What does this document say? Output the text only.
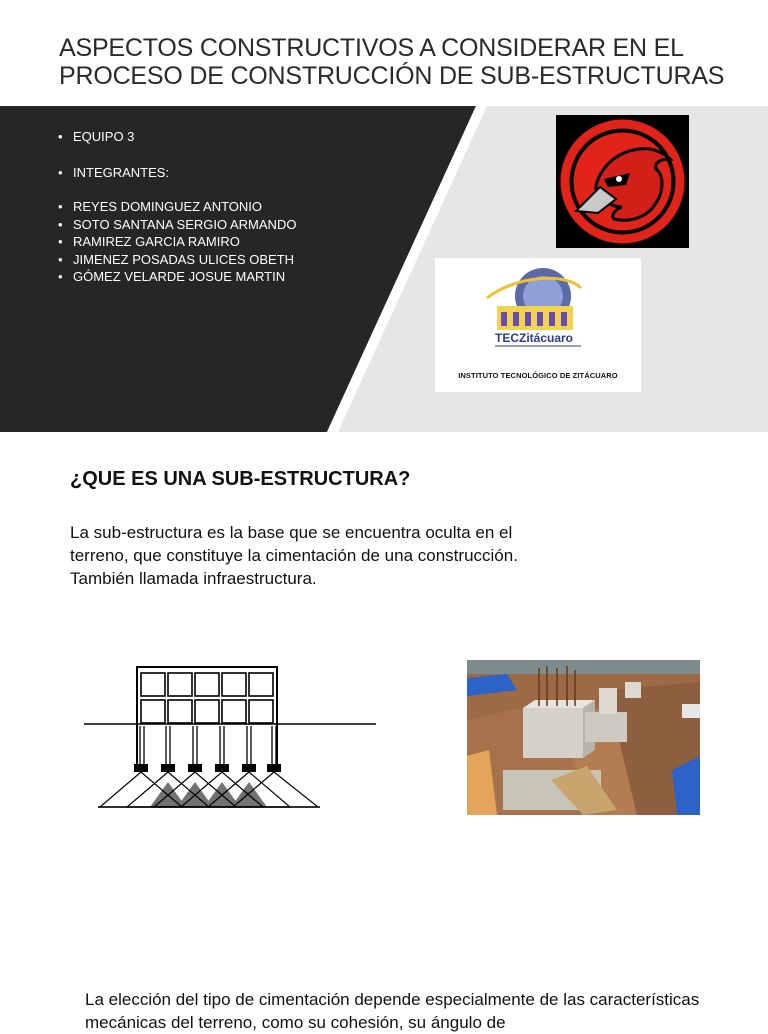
ASPECTOS CONSTRUCTIVOS A CONSIDERAR EN EL
PROCESO DE CONSTRUCCIÓN DE SUB-ESTRUCTURAS
• EQUIPO 3
• INTEGRANTES:
• REYES DOMINGUEZ ANTONIO
• SOTO SANTANA SERGIO ARMANDO
• RAMIREZ GARCIA RAMIRO
• JIMENEZ POSADAS ULICES OBETH
• GÓMEZ VELARDE JOSUE MARTIN
TECZitácuaro
INSTITUTO TECNOLÓGICO DE ZITÁCUARO
¿QUE ES UNA SUB-ESTRUCTURA?
La sub-estructura es la base que se encuentra oculta en el terreno, que constituye la cimentación de una construcción. También llamada infraestructura.
La elección del tipo de cimentación depende especialmente de las características mecánicas del terreno, como su cohesión, su ángulo de
